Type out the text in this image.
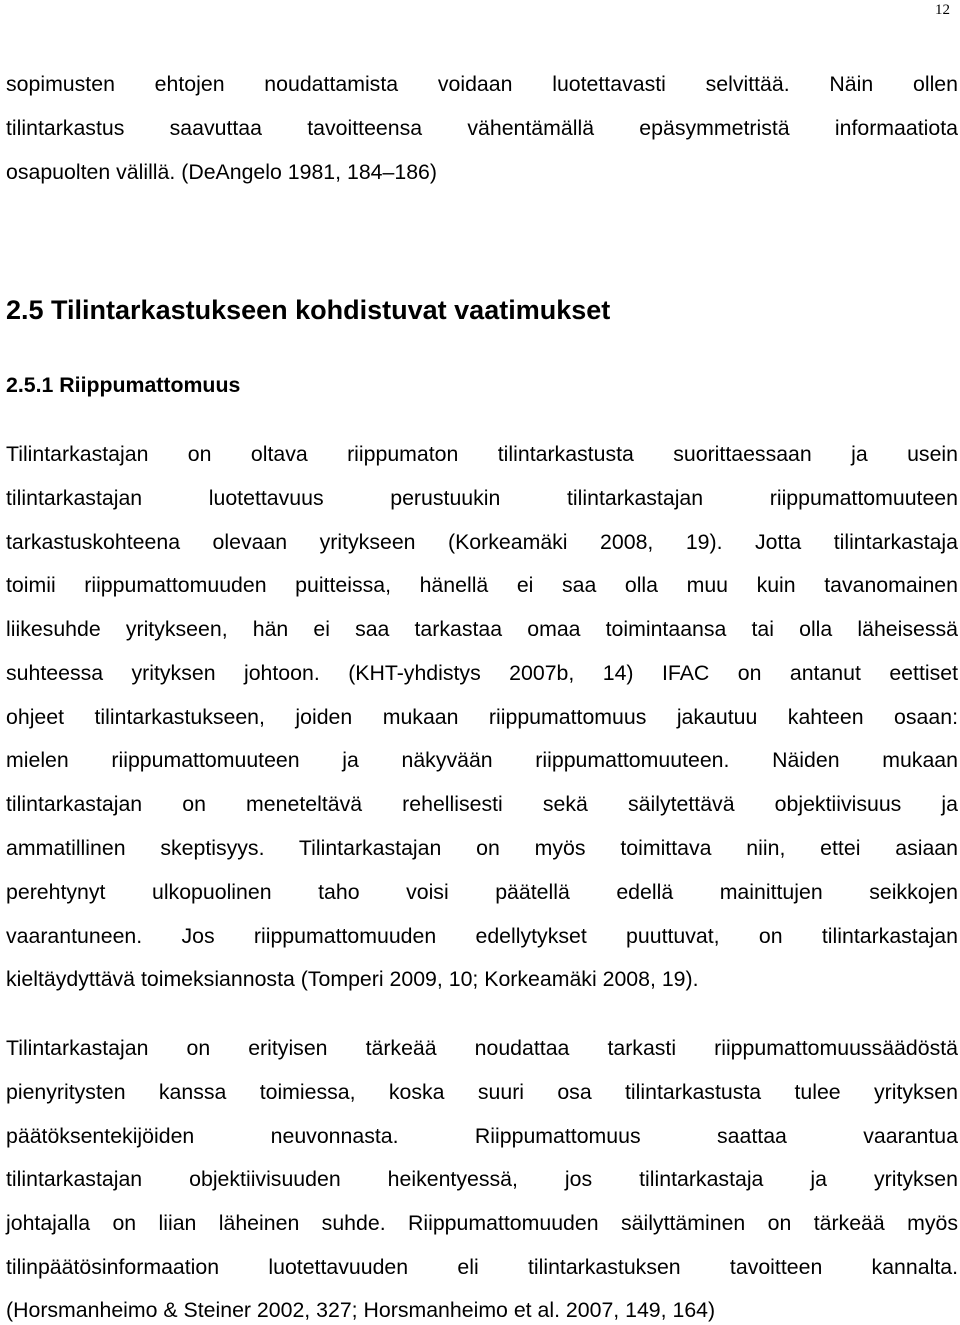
12
sopimusten ehtojen noudattamista voidaan luotettavasti selvittää. Näin ollen
tilintarkastus saavuttaa tavoitteensa vähentämällä epäsymmetristä informaatiota
osapuolten välillä. (DeAngelo 1981, 184‒186)
2.5 Tilintarkastukseen kohdistuvat vaatimukset
2.5.1 Riippumattomuus
Tilintarkastajan on oltava riippumaton tilintarkastusta suorittaessaan ja usein
tilintarkastajan luotettavuus perustuukin tilintarkastajan riippumattomuuteen
tarkastuskohteena olevaan yritykseen (Korkeamäki 2008, 19). Jotta tilintarkastaja
toimii riippumattomuuden puitteissa, hänellä ei saa olla muu kuin tavanomainen
liikesuhde yritykseen, hän ei saa tarkastaa omaa toimintaansa tai olla läheisessä
suhteessa yrityksen johtoon. (KHT-yhdistys 2007b, 14) IFAC on antanut eettiset
ohjeet tilintarkastukseen, joiden mukaan riippumattomuus jakautuu kahteen osaan:
mielen riippumattomuuteen ja näkyvään riippumattomuuteen. Näiden mukaan
tilintarkastajan on meneteltävä rehellisesti sekä säilytettävä objektiivisuus ja
ammatillinen skeptisyys. Tilintarkastajan on myös toimittava niin, ettei asiaan
perehtynyt ulkopuolinen taho voisi päätellä edellä mainittujen seikkojen
vaarantuneen. Jos riippumattomuuden edellytykset puuttuvat, on tilintarkastajan
kieltäydyttävä toimeksiannosta (Tomperi 2009, 10; Korkeamäki 2008, 19).
Tilintarkastajan on erityisen tärkeää noudattaa tarkasti riippumattomuussäädöstä
pienyritysten kanssa toimiessa, koska suuri osa tilintarkastusta tulee yrityksen
päätöksentekijöiden neuvonnasta. Riippumattomuus saattaa vaarantua
tilintarkastajan objektiivisuuden heikentyessä, jos tilintarkastaja ja yrityksen
johtajalla on liian läheinen suhde. Riippumattomuuden säilyttäminen on tärkeää myös
tilinpäätösinformaation luotettavuuden eli tilintarkastuksen tavoitteen kannalta.
(Horsmanheimo & Steiner 2002, 327; Horsmanheimo et al. 2007, 149, 164)
